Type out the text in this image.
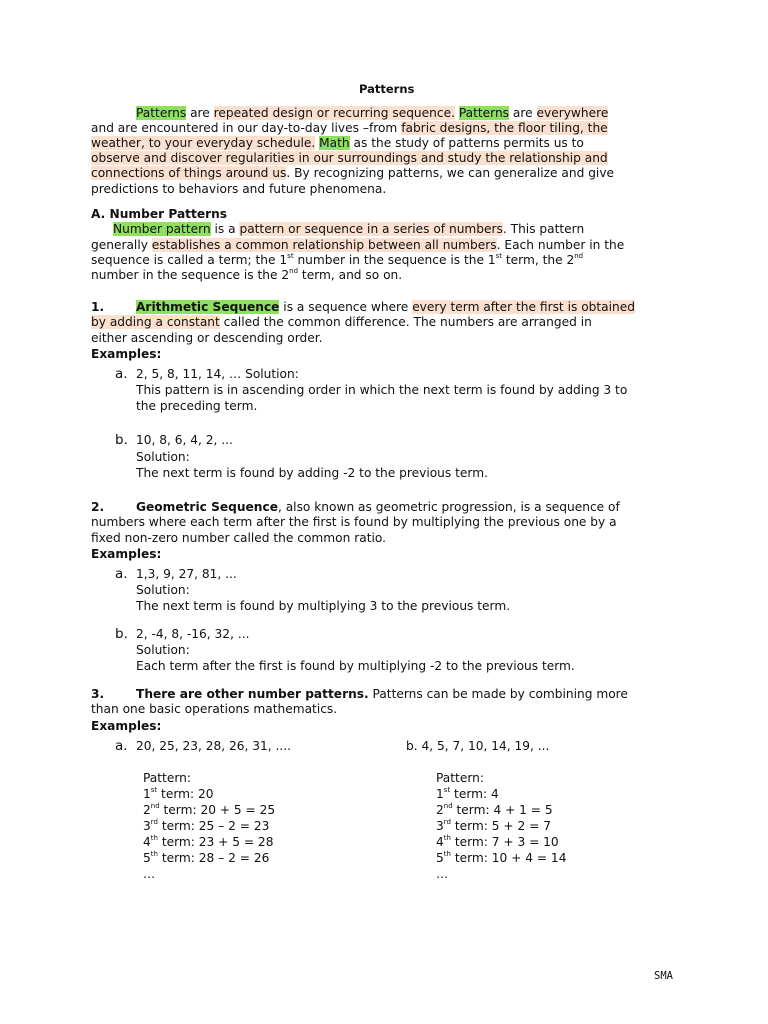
Patterns
Patterns are repeated design or recurring sequence. Patterns are everywhere
and are encountered in our day-to-day lives –from fabric designs, the floor tiling, the
weather, to your everyday schedule. Math as the study of patterns permits us to
observe and discover regularities in our surroundings and study the relationship and
connections of things around us. By recognizing patterns, we can generalize and give
predictions to behaviors and future phenomena.
A. Number Patterns
Number pattern is a pattern or sequence in a series of numbers. This pattern
generally establishes a common relationship between all numbers. Each number in the
sequence is called a term; the 1st number in the sequence is the 1st term, the 2nd
number in the sequence is the 2nd term, and so on.
1.	Arithmetic Sequence is a sequence where every term after the first is obtained
by adding a constant called the common difference. The numbers are arranged in
either ascending or descending order.
Examples:
a. 2, 5, 8, 11, 14, … Solution:
This pattern is in ascending order in which the next term is found by adding 3 to
the preceding term.
b. 10, 8, 6, 4, 2, ...
Solution:
The next term is found by adding -2 to the previous term.
2.	Geometric Sequence, also known as geometric progression, is a sequence of
numbers where each term after the first is found by multiplying the previous one by a
fixed non-zero number called the common ratio.
Examples:
a. 1,3, 9, 27, 81, ...
Solution:
The next term is found by multiplying 3 to the previous term.
b. 2, -4, 8, -16, 32, ...
Solution:
Each term after the first is found by multiplying -2 to the previous term.
3.	There are other number patterns. Patterns can be made by combining more
than one basic operations mathematics.
Examples:
a. 20, 25, 23, 28, 26, 31, ....
Pattern:
1st term: 20
2nd term: 20 + 5 = 25
3rd term: 25 – 2 = 23
4th term: 23 + 5 = 28
5th term: 28 – 2 = 26
…
b. 4, 5, 7, 10, 14, 19, ...
Pattern:
1st term: 4
2nd term: 4 + 1 = 5
3rd term: 5 + 2 = 7
4th term: 7 + 3 = 10
5th term: 10 + 4 = 14
…
SMA
